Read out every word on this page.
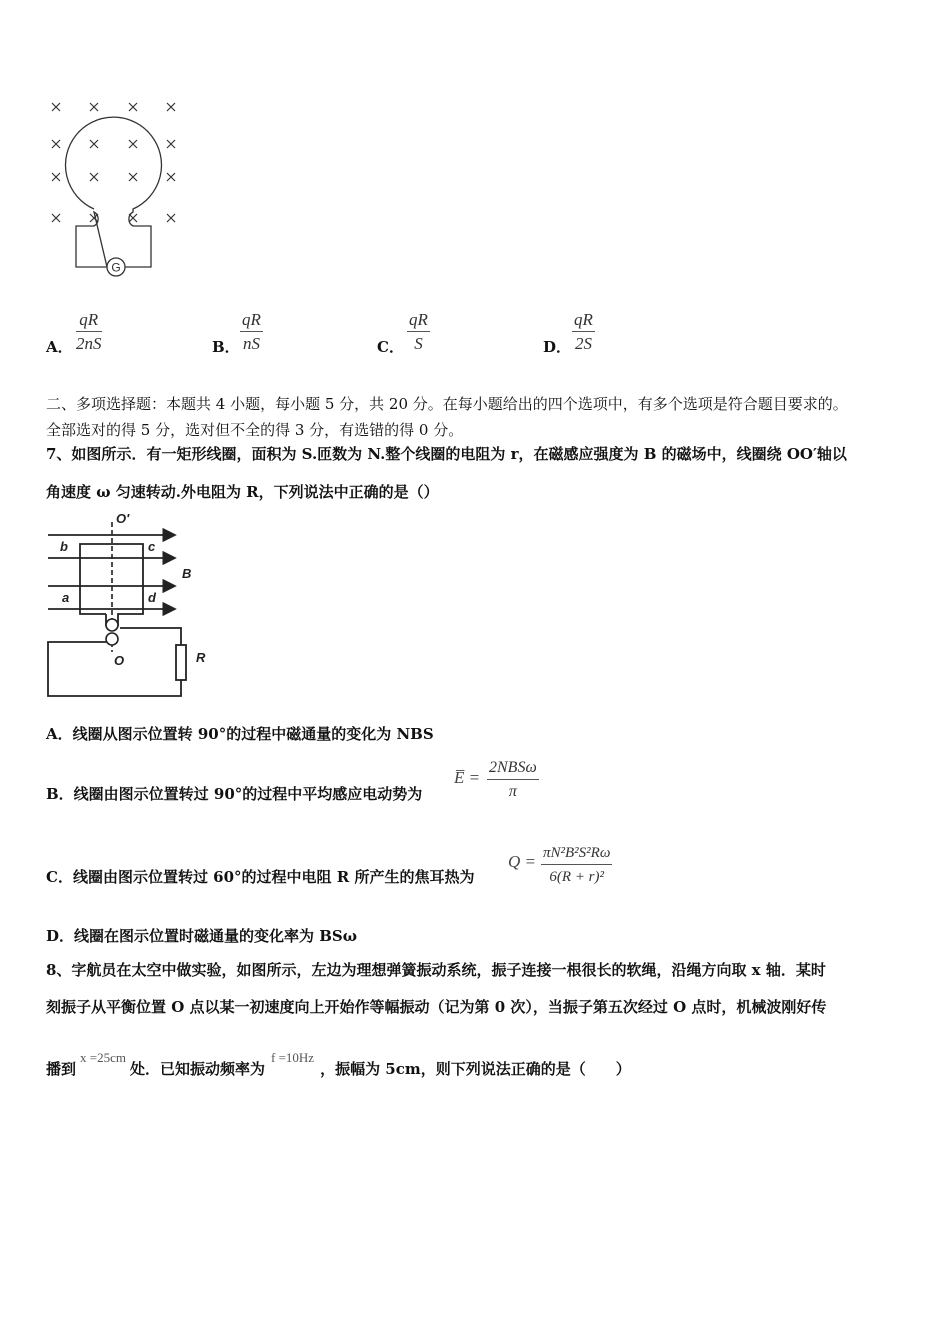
G
A． $\frac{qR}{2nS}$	B． $\frac{qR}{nS}$	C． $\frac{qR}{S}$	D． $\frac{qR}{2S}$
二、多项选择题：本题共 4 小题，每小题 5 分，共 20 分。在每小题给出的四个选项中，有多个选项是符合题目要求的。
全部选对的得 5 分，选对但不全的得 3 分，有选错的得 0 分。
7、如图所示．有一矩形线圈，面积为 S.匝数为 N.整个线圈的电阻为 r，在磁感应强度为 B 的磁场中，线圈绕 OO′轴以
角速度 ω 匀速转动.外电阻为 R，下列说法中正确的是（）
O′
b	c
B
a	d
O	R
A．线圈从图示位置转 90°的过程中磁通量的变化为 NBS
B．线圈由图示位置转过 90°的过程中平均感应电动势为
E̅ =
2NBSω
π
C．线圈由图示位置转过 60°的过程中电阻 R 所产生的焦耳热为
$Q = \frac{\text{πN²B²S²Rω}}{\text{6(R + r)²}}$
D．线圈在图示位置时磁通量的变化率为 BSω
8、字航员在太空中做实验，如图所示，左边为理想弹簧振动系统，振子连接一根很长的软绳，沿绳方向取 x 轴．某时
刻振子从平衡位置 O 点以某一初速度向上开始作等幅振动（记为第 0 次），当振子第五次经过 O 点时，机械波刚好传
播到x =25cm处．已知振动频率为f =10Hz，振幅为 5cm，则下列说法正确的是（　　）
